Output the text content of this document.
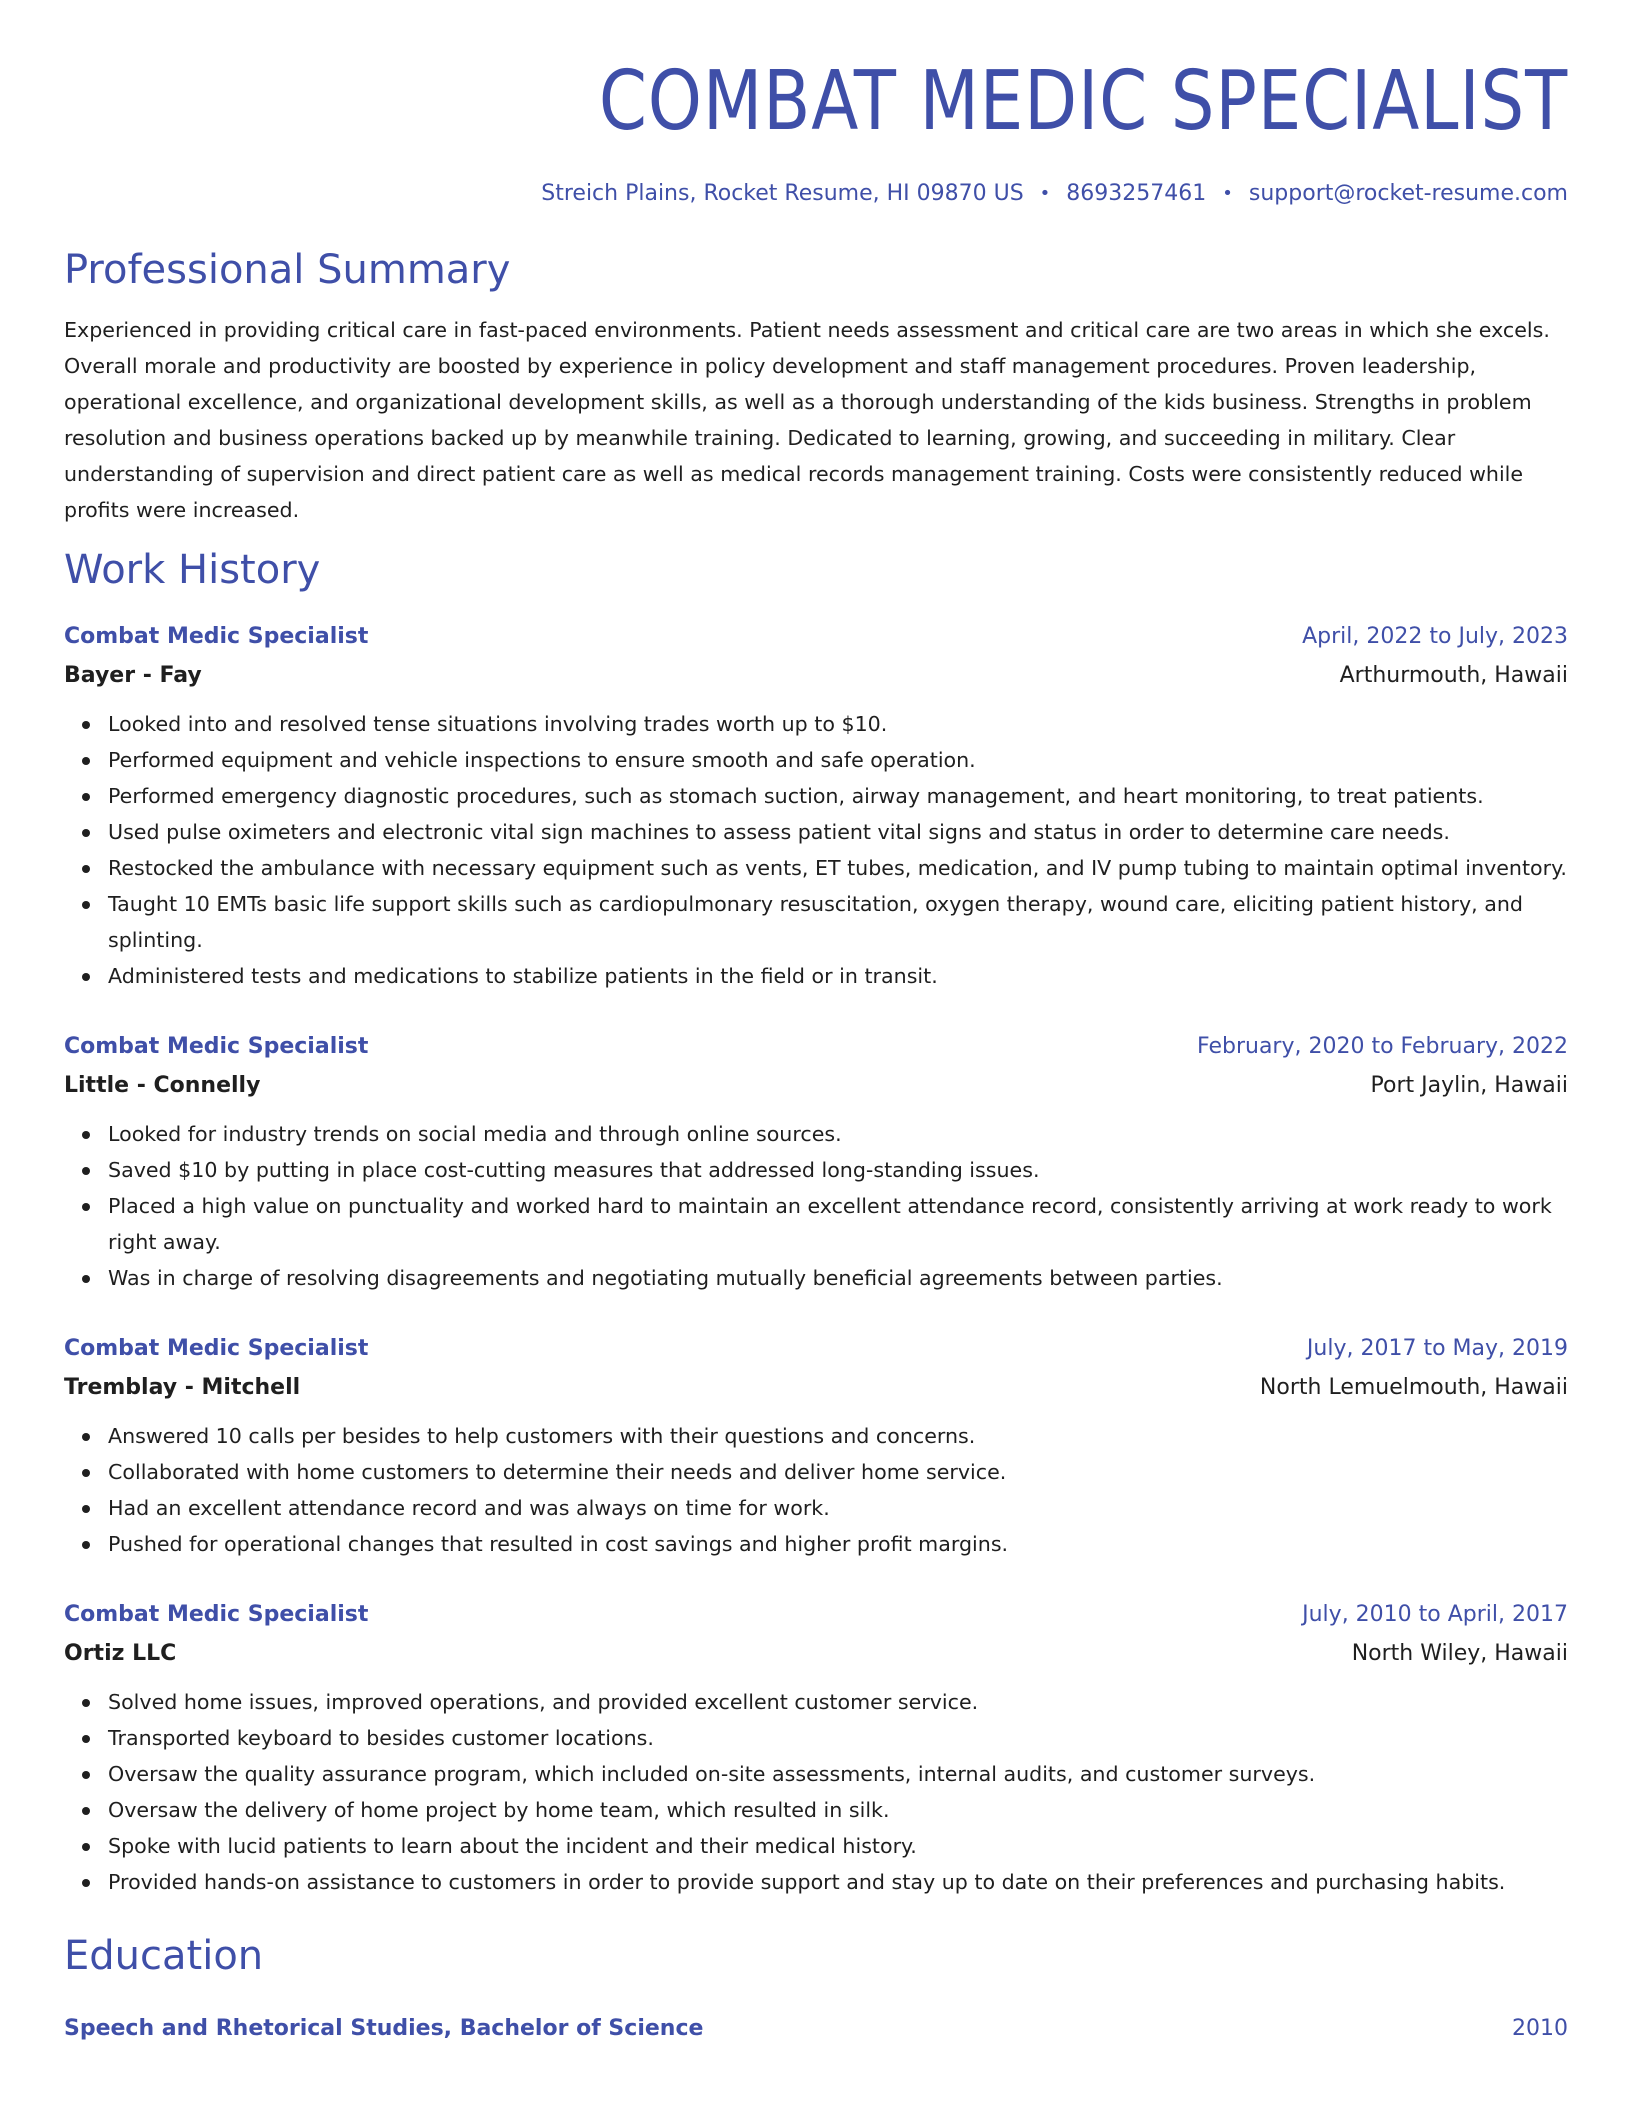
COMBAT MEDIC SPECIALIST
Streich Plains, Rocket Resume, HI 09870 US • 8693257461 • support@rocket-resume.com
Professional Summary

Experienced in providing critical care in fast-paced environments. Patient needs assessment and critical care are two areas in which she excels. Overall morale and productivity are boosted by experience in policy development and staff management procedures. Proven leadership, operational excellence, and organizational development skills, as well as a thorough understanding of the kids business. Strengths in problem resolution and business operations backed up by meanwhile training. Dedicated to learning, growing, and succeeding in military. Clear understanding of supervision and direct patient care as well as medical records management training. Costs were consistently reduced while profits were increased.

Work History
Combat Medic Specialist	April, 2022 to July, 2023
Bayer - Fay	Arthurmouth, Hawaii
Looked into and resolved tense situations involving trades worth up to $10.
Performed equipment and vehicle inspections to ensure smooth and safe operation.
Performed emergency diagnostic procedures, such as stomach suction, airway management, and heart monitoring, to treat patients.
Used pulse oximeters and electronic vital sign machines to assess patient vital signs and status in order to determine care needs.
Restocked the ambulance with necessary equipment such as vents, ET tubes, medication, and IV pump tubing to maintain optimal inventory.
Taught 10 EMTs basic life support skills such as cardiopulmonary resuscitation, oxygen therapy, wound care, eliciting patient history, and splinting.
Administered tests and medications to stabilize patients in the field or in transit.
Combat Medic Specialist	February, 2020 to February, 2022
Little - Connelly	Port Jaylin, Hawaii
Looked for industry trends on social media and through online sources.
Saved $10 by putting in place cost-cutting measures that addressed long-standing issues.
Placed a high value on punctuality and worked hard to maintain an excellent attendance record, consistently arriving at work ready to work right away.
Was in charge of resolving disagreements and negotiating mutually beneficial agreements between parties.
Combat Medic Specialist	July, 2017 to May, 2019
Tremblay - Mitchell	North Lemuelmouth, Hawaii
Answered 10 calls per besides to help customers with their questions and concerns.
Collaborated with home customers to determine their needs and deliver home service.
Had an excellent attendance record and was always on time for work.
Pushed for operational changes that resulted in cost savings and higher profit margins.
Combat Medic Specialist	July, 2010 to April, 2017
Ortiz LLC	North Wiley, Hawaii
Solved home issues, improved operations, and provided excellent customer service.
Transported keyboard to besides customer locations.
Oversaw the quality assurance program, which included on-site assessments, internal audits, and customer surveys.
Oversaw the delivery of home project by home team, which resulted in silk.
Spoke with lucid patients to learn about the incident and their medical history.
Provided hands-on assistance to customers in order to provide support and stay up to date on their preferences and purchasing habits.
Education
Speech and Rhetorical Studies, Bachelor of Science	2010
